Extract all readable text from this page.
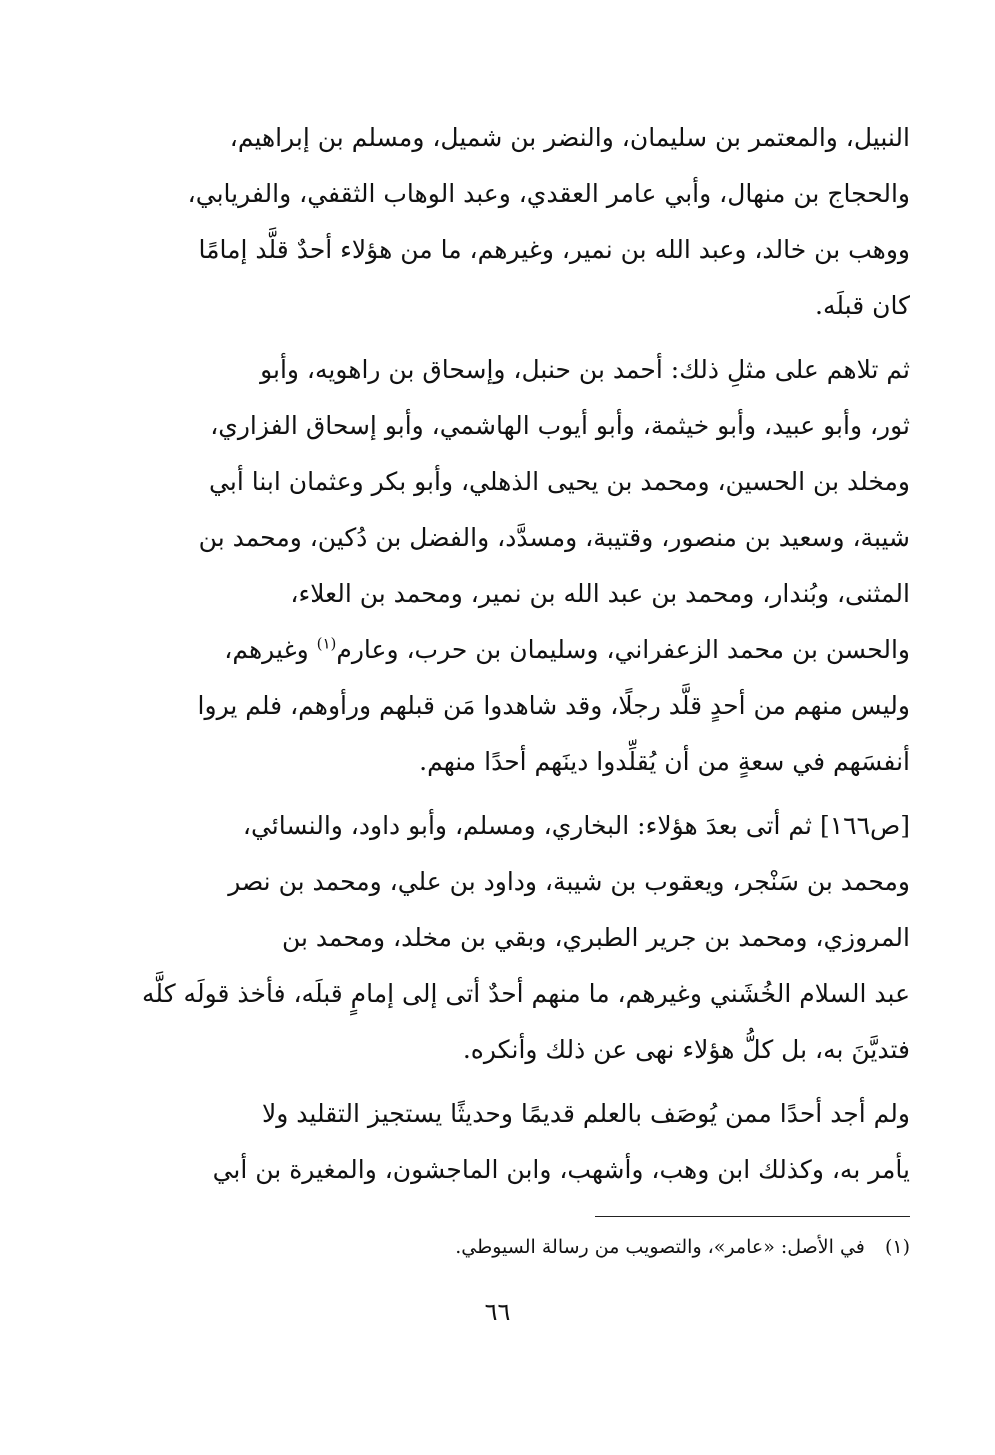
النبيل، والمعتمر بن سليمان، والنضر بن شميل، ومسلم بن إبراهيم،
والحجاج بن منهال، وأبي عامر العقدي، وعبد الوهاب الثقفي، والفريابي،
ووهب بن خالد، وعبد الله بن نمير، وغيرهم، ما من هؤلاء أحدٌ قلَّد إمامًا
كان قبلَه.
ثم تلاهم على مثلِ ذلك: أحمد بن حنبل، وإسحاق بن راهويه، وأبو
ثور، وأبو عبيد، وأبو خيثمة، وأبو أيوب الهاشمي، وأبو إسحاق الفزاري،
ومخلد بن الحسين، ومحمد بن يحيى الذهلي، وأبو بكر وعثمان ابنا أبي
شيبة، وسعيد بن منصور، وقتيبة، ومسدَّد، والفضل بن دُكين، ومحمد بن
المثنى، وبُندار، ومحمد بن عبد الله بن نمير، ومحمد بن العلاء،
والحسن بن محمد الزعفراني، وسليمان بن حرب، وعارم$^{(١)}$ وغيرهم،
وليس منهم من أحدٍ قلَّد رجلًا، وقد شاهدوا مَن قبلهم ورأوهم، فلم يروا
أنفسَهم في سعةٍ من أن يُقلِّدوا دينَهم أحدًا منهم.
[ص١٦٦] ثم أتى بعدَ هؤلاء: البخاري، ومسلم، وأبو داود، والنسائي،
ومحمد بن سَنْجر، ويعقوب بن شيبة، وداود بن علي، ومحمد بن نصر
المروزي، ومحمد بن جرير الطبري، وبقي بن مخلد، ومحمد بن
عبد السلام الخُشَني وغيرهم، ما منهم أحدٌ أتى إلى إمامٍ قبلَه، فأخذ قولَه كلَّه
فتديَّنَ به، بل كلُّ هؤلاء نهى عن ذلك وأنكره.
ولم أجد أحدًا ممن يُوصَف بالعلم قديمًا وحديثًا يستجيز التقليد ولا
يأمر به، وكذلك ابن وهب، وأشهب، وابن الماجشون، والمغيرة بن أبي
(١) في الأصل: «عامر»، والتصويب من رسالة السيوطي.
٦٦
